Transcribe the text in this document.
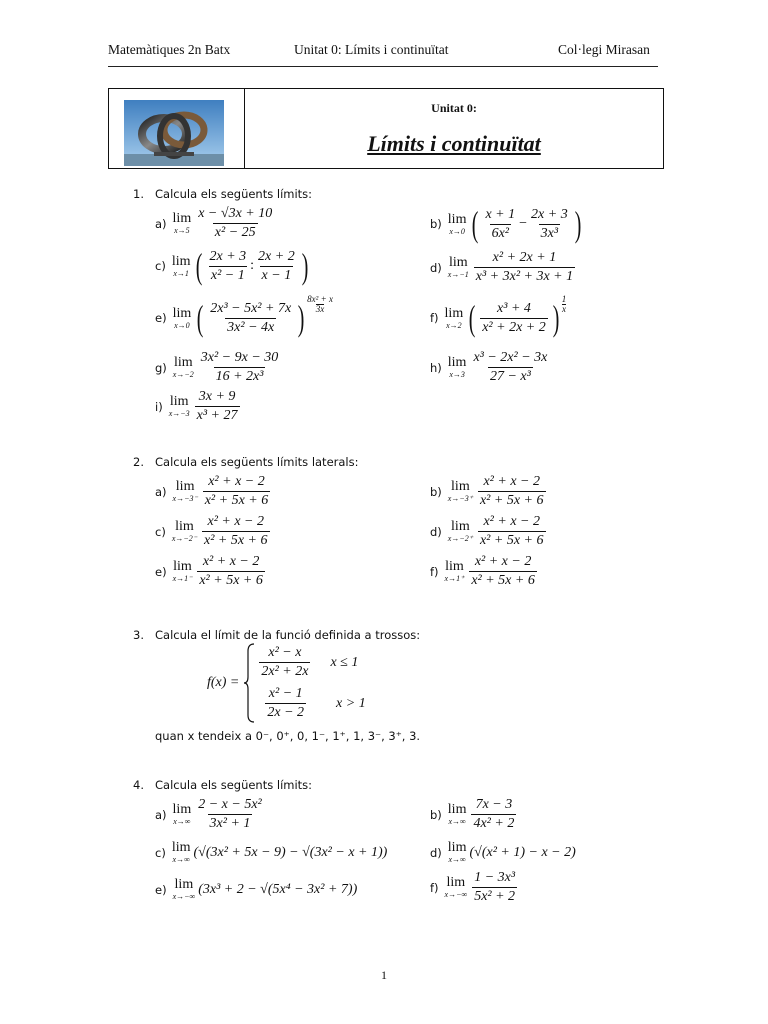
Matemàtiques 2n Batx	Unitat 0: Límits i continuïtat	Col·legi Mirasan
Unitat 0:
Límits i continuïtat
1. Calcula els següents límits:
a) lim
$x\to 5 \frac{x - √3x + 10}{\text{x² − 25}}$	b) lim
x→0 ( $\frac{x + 1}{\text{6x²}} - \frac{2x + 3}{\text{3x³}}$ )
c) lim
x→1 ( $\frac{2x + 3}{\text{x² − 1}}$ : $\frac{2x + 2}{x - 1}$ )	d) lim
$x\to-1 \frac{\text{x² + 2x + 1}}{\text{x³ + 3x² + 3x + 1}}$
e) lim
x→0 ( $\frac{\text{2x³ − 5x² + 7x}}{\text{3x² − 4x}}$ ) $\frac{\text{8x² + x}}{3x}$
f) lim
x→2 ( $\frac{\text{x³ + 4}}{\text{x² + 2x + 2}}$ ) $\frac{1}{x}$
g) lim
$x\to-2 \frac{\text{3x² − 9x − 30}}{\text{16 + 2x³}}$	h) lim
$x\to 3 \frac{\text{x³ − 2x² − 3x}}{\text{27 − x³}}$
i) lim
$x\to-3 \frac{3x + 9}{\text{x³ + 27}}$
2. Calcula els següents límits laterals:
a) lim
$x\to-3^- \frac{\text{x² + x − 2}}{\text{x² + 5x + 6}}$	b) lim
$x\to-3^+ \frac{\text{x² + x − 2}}{\text{x² + 5x + 6}}$
c) lim
$x\to-2^- \frac{\text{x² + x − 2}}{\text{x² + 5x + 6}}$	d) lim
$x\to-2^+ \frac{\text{x² + x − 2}}{\text{x² + 5x + 6}}$
e) lim
$x\to 1^- \frac{\text{x² + x − 2}}{\text{x² + 5x + 6}}$	f) lim
$x\to 1^+ \frac{\text{x² + x − 2}}{\text{x² + 5x + 6}}$
3. Calcula el límit de la funció definida a trossos:
f(x) =
$\frac{\text{x² − x}}{\text{2x² + 2x}}$ x ≤ 1
$\frac{\text{x² − 1}}{2x - 2}$ x > 1
quan x tendeix a 0⁻, 0⁺, 0, 1⁻, 1⁺, 1, 3⁻, 3⁺, 3.
4. Calcula els següents límits:
a) lim
$x\to\infty \frac{\text{2 − x − 5x²}}{\text{3x² + 1}}$	b) lim
$x\to\infty \frac{7x - 3}{\text{4x² + 2}}$
c) lim
x→∞ (√(3x² + 5x − 9) − √(3x² − x + 1))	d) lim
x→∞ (√(x² + 1) − x − 2)
e) lim
x→−∞ (3x³ + 2 − √(5x⁴ − 3x² + 7))	f) lim
$x\to-\infty \frac{\text{1 − 3x³}}{\text{5x² + 2}}$
1
